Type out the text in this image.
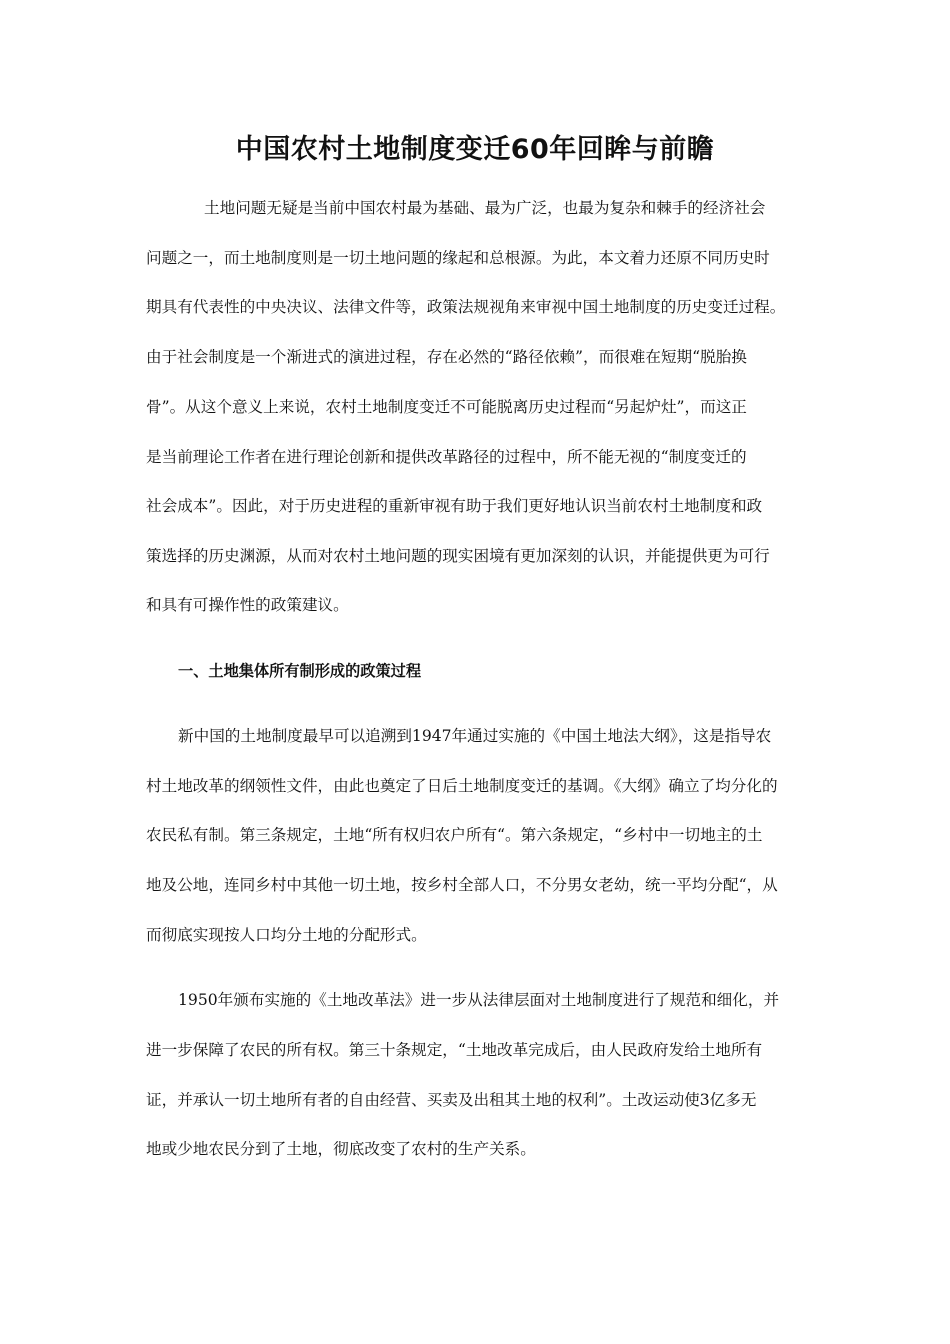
中国农村土地制度变迁60年回眸与前瞻

土地问题无疑是当前中国农村最为基础、最为广泛，也最为复杂和棘手的经济社会

问题之一，而土地制度则是一切土地问题的缘起和总根源。为此，本文着力还原不同历史时

期具有代表性的中央决议、法律文件等，政策法规视角来审视中国土地制度的历史变迁过程。

由于社会制度是一个渐进式的演进过程，存在必然的“路径依赖”，而很难在短期“脱胎换

骨”。从这个意义上来说，农村土地制度变迁不可能脱离历史过程而“另起炉灶”，而这正

是当前理论工作者在进行理论创新和提供改革路径的过程中，所不能无视的“制度变迁的

社会成本”。因此，对于历史进程的重新审视有助于我们更好地认识当前农村土地制度和政

策选择的历史渊源，从而对农村土地问题的现实困境有更加深刻的认识，并能提供更为可行

和具有可操作性的政策建议。

一、土地集体所有制形成的政策过程

新中国的土地制度最早可以追溯到1947年通过实施的《中国土地法大纲》，这是指导农

村土地改革的纲领性文件，由此也奠定了日后土地制度变迁的基调。《大纲》确立了均分化的

农民私有制。第三条规定，土地“所有权归农户所有“。第六条规定，“乡村中一切地主的土

地及公地，连同乡村中其他一切土地，按乡村全部人口，不分男女老幼，统一平均分配“，从

而彻底实现按人口均分土地的分配形式。

1950年颁布实施的《土地改革法》进一步从法律层面对土地制度进行了规范和细化，并

进一步保障了农民的所有权。第三十条规定，“土地改革完成后，由人民政府发给土地所有

证，并承认一切土地所有者的自由经营、买卖及出租其土地的权利”。土改运动使3亿多无

地或少地农民分到了土地，彻底改变了农村的生产关系。
